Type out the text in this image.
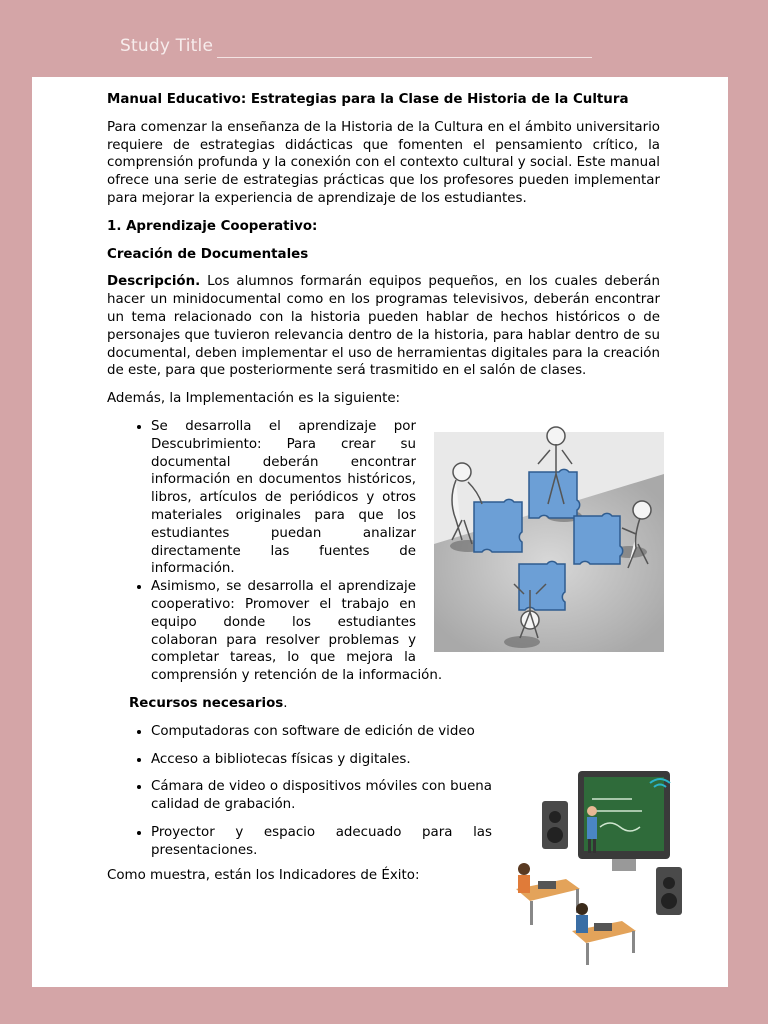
Study Title
Manual Educativo: Estrategias para la Clase de Historia de la Cultura

Para comenzar la enseñanza de la Historia de la Cultura en el ámbito universitario requiere de estrategias didácticas que fomenten el pensamiento crítico, la comprensión profunda y la conexión con el contexto cultural y social. Este manual ofrece una serie de estrategias prácticas que los profesores pueden implementar para mejorar la experiencia de aprendizaje de los estudiantes.

1. Aprendizaje Cooperativo:
Creación de Documentales

Descripción. Los alumnos formarán equipos pequeños, en los cuales deberán hacer un minidocumental como en los programas televisivos, deberán encontrar un tema relacionado con la historia pueden hablar de hechos históricos o de personajes que tuvieron relevancia dentro de la historia, para hablar dentro de su documental, deben implementar el uso de herramientas digitales para la creación de este, para que posteriormente será trasmitido en el salón de clases.

Además, la Implementación es la siguiente:

• Se desarrolla el aprendizaje por Descubrimiento: Para crear su documental deberán encontrar información en documentos históricos, libros, artículos de periódicos y otros materiales originales para que los estudiantes puedan analizar directamente las fuentes de información.
• Asimismo, se desarrolla el aprendizaje cooperativo: Promover el trabajo en equipo donde los estudiantes colaboran para resolver problemas y completar tareas, lo que mejora la comprensión y retención de la información.
Recursos necesarios.
• Computadoras con software de edición de video
• Acceso a bibliotecas físicas y digitales.
• Cámara de video o dispositivos móviles con buena calidad de grabación.
• Proyector y espacio adecuado para las presentaciones.

Como muestra, están los Indicadores de Éxito:
